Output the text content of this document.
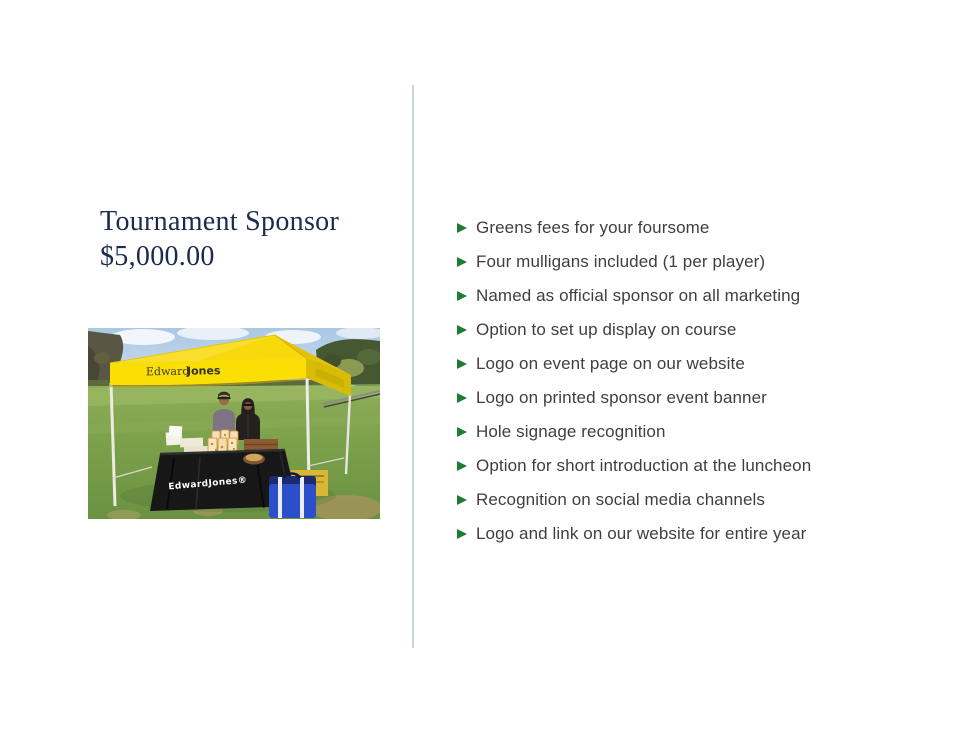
Tournament Sponsor
$5,000.00
EdwardJones®
Edward
Jones
Greens fees for your foursome
Four mulligans included (1 per player)
Named as official sponsor on all marketing
Option to set up display on course
Logo on event page on our website
Logo on printed sponsor event banner
Hole signage recognition
Option for short introduction at the luncheon
Recognition on social media channels
Logo and link on our website for entire year
